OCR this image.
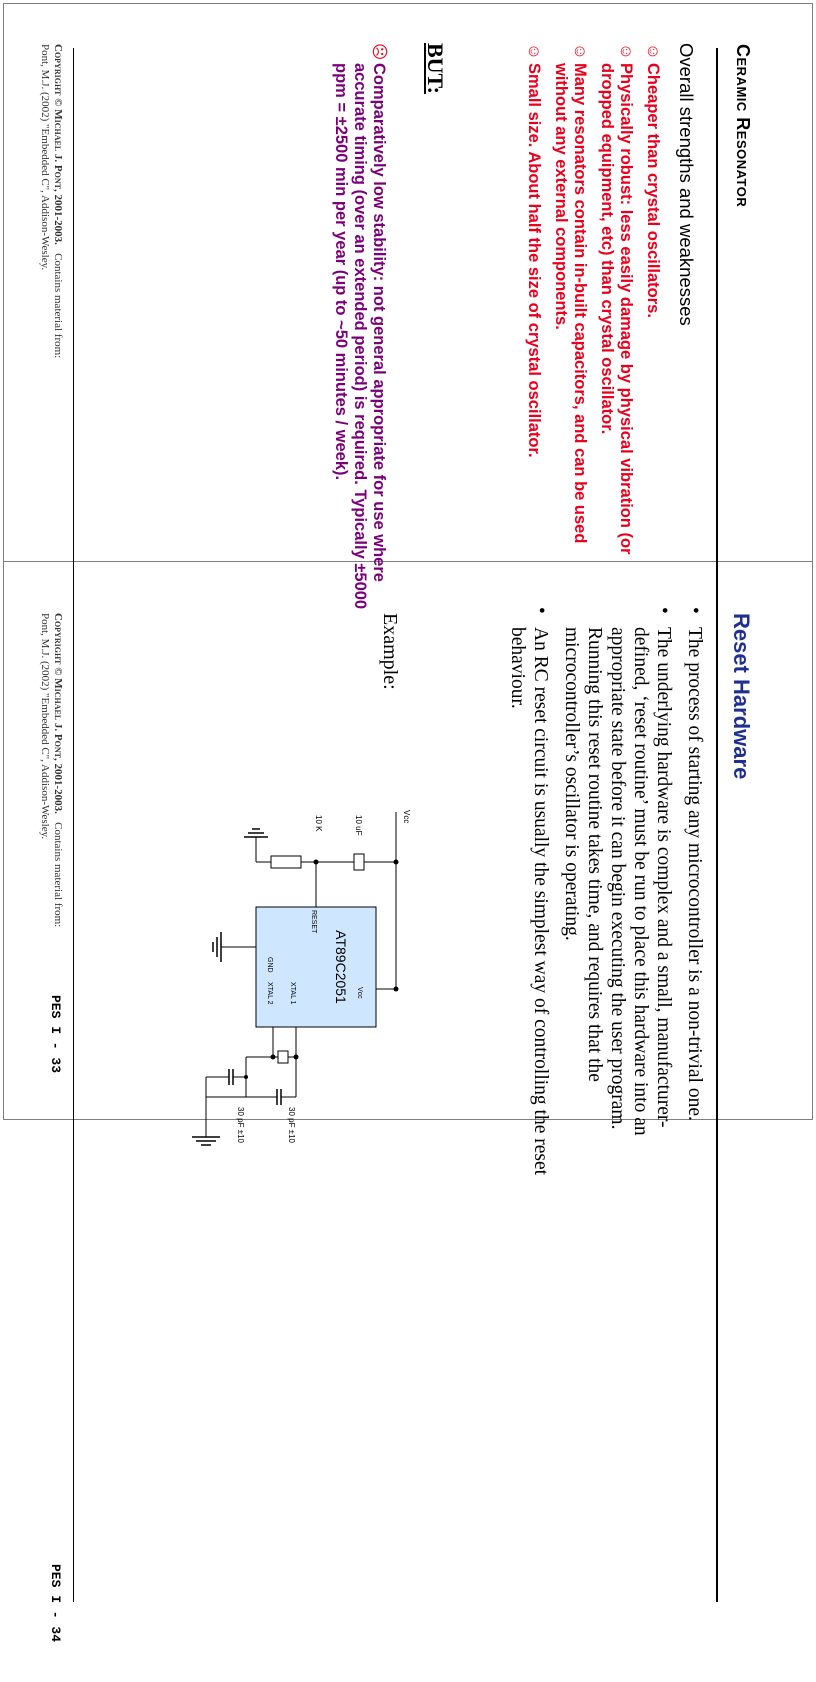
Ceramic Resonator
Overall strengths and weaknesses
☺
Cheaper than crystal oscillators.
☺
Physically robust: less easily damage by physical vibration (or dropped equipment, etc) than crystal oscillator.
☺
Many resonators contain in-built capacitors, and can be used without any external components.
☺
Small size. About half the size of crystal oscillator.
BUT:
☹
Comparatively low stability: not general appropriate for use where accurate timing (over an extended period) is required. Typically ±5000 ppm = ±2500 min per year (up to ~50 minutes / week).
Copyright © Michael J. Pont, 2001-2003.   Contains material from:
Pont, M.J. (2002) "Embedded C", Addison-Wesley.
PES I - 33
Reset Hardware
•
The process of starting any microcontroller is a non-trivial one.
•
The underlying hardware is complex and a small, manufacturer-defined, ‘reset routine’ must be run to place this hardware into an appropriate state before it can begin executing the user program. Running this reset routine takes time, and requires that the microcontroller’s oscillator is operating.
•
An RC reset circuit is usually the simplest way of controlling the reset behaviour.
Example:
Vcc
10 uF
10 K
AT89C2051 Vcc
RESET
XTAL 1
XTAL 2
GND
30 pF ±10
30 pF ±10
Copyright © Michael J. Pont, 2001-2003.   Contains material from:
Pont, M.J. (2002) "Embedded C", Addison-Wesley.
PES I - 34
